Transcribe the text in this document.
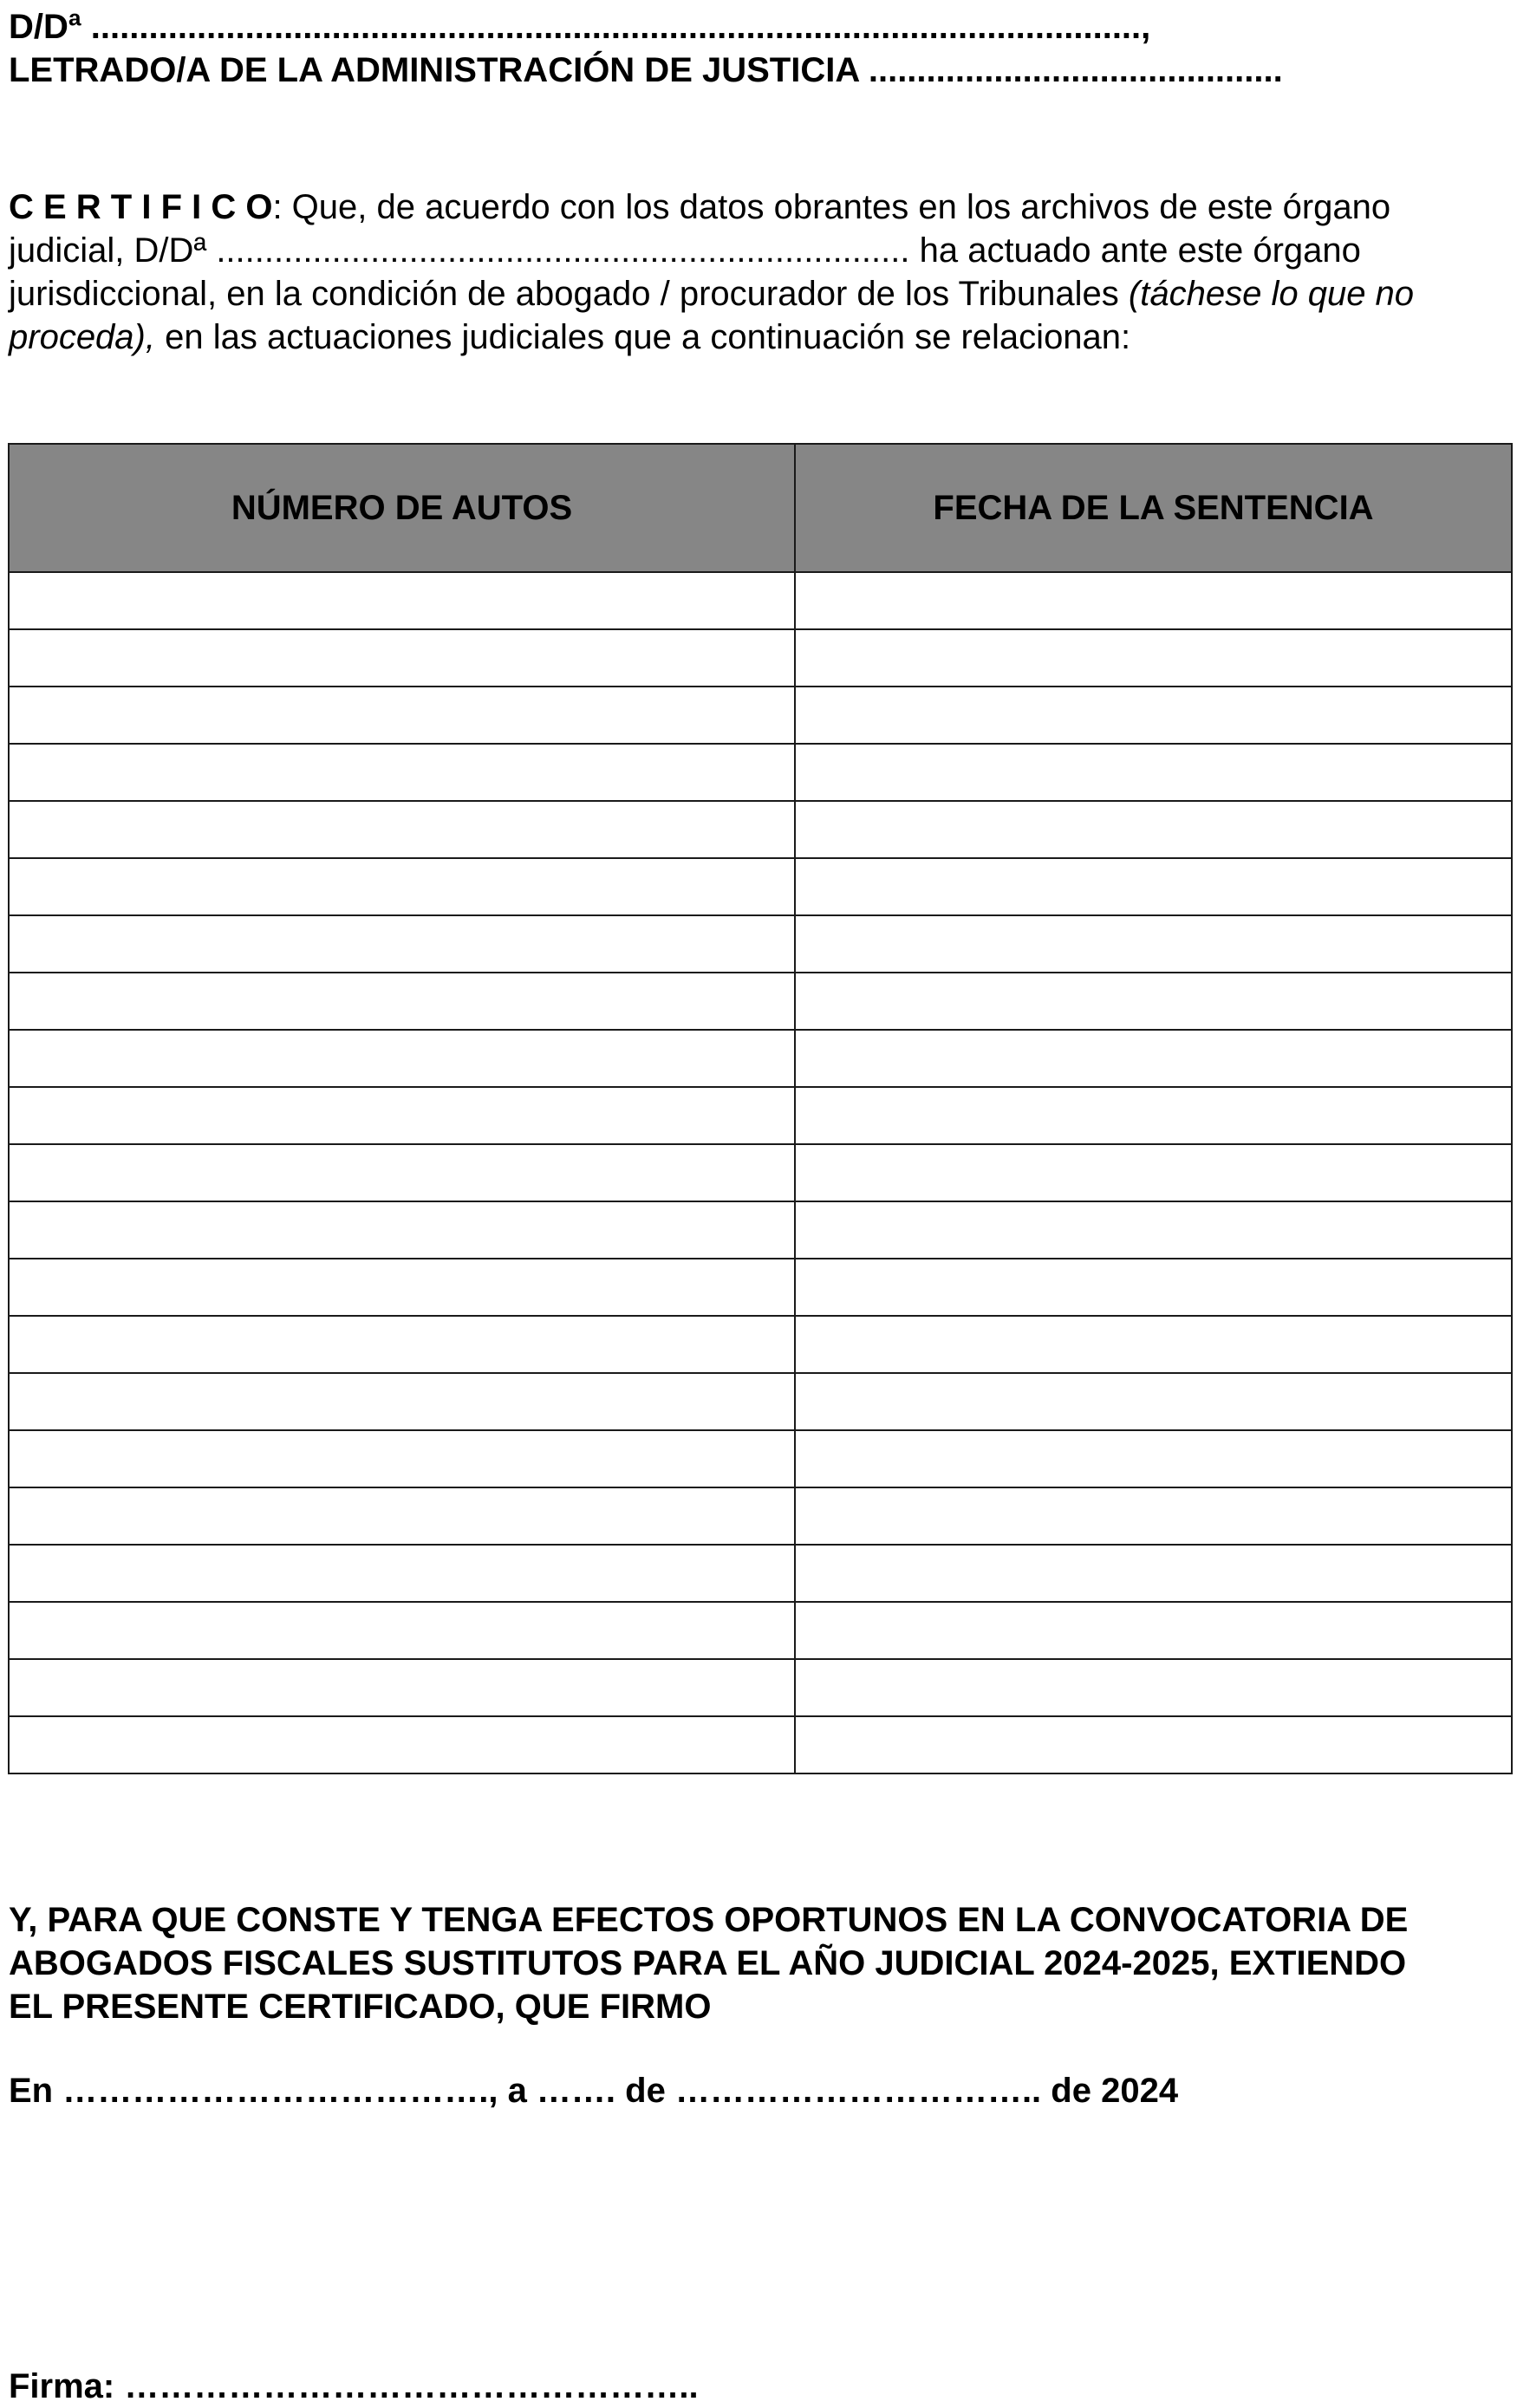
D/Dª .............................................................................................................,
LETRADO/A DE LA ADMINISTRACIÓN DE JUSTICIA ...........................................
C E R T I F I C O: Que, de acuerdo con los datos obrantes en los archivos de este órgano
judicial, D/Dª ........................................................................ ha actuado ante este órgano
jurisdiccional, en la condición de abogado / procurador de los Tribunales (táchese lo que no
proceda), en las actuaciones judiciales que a continuación se relacionan:
NÚMERO DE AUTOS	FECHA DE LA SENTENCIA

Y, PARA QUE CONSTE Y TENGA EFECTOS OPORTUNOS EN LA CONVOCATORIA DE
ABOGADOS FISCALES SUSTITUTOS PARA EL AÑO JUDICIAL 2024-2025, EXTIENDO
EL PRESENTE CERTIFICADO, QUE FIRMO
En ………………………………., a ……. de ………………………….. de 2024
Firma: …………………………………………..
